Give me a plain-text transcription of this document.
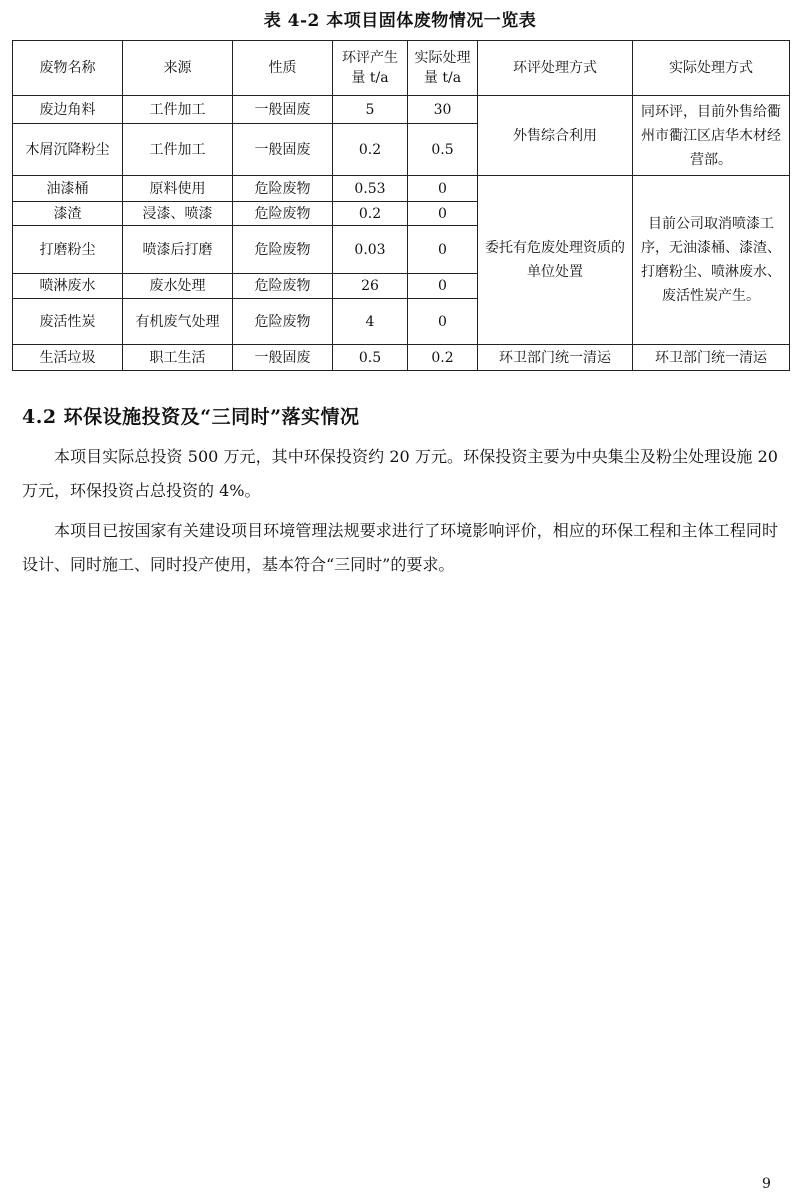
表 4-2 本项目固体废物情况一览表
废物名称	来源	性质	环评产生量 t/a	实际处理量 t/a	环评处理方式	实际处理方式
废边角料	工件加工	一般固废	5	30	外售综合利用	同环评，目前外售给衢州市衢江区店华木材经营部。
木屑沉降粉尘	工件加工	一般固废	0.2	0.5		
油漆桶	原料使用	危险废物	0.53	0	委托有危废处理资质的单位处置	目前公司取消喷漆工序，无油漆桶、漆渣、打磨粉尘、喷淋废水、废活性炭产生。
漆渣	浸漆、喷漆	危险废物	0.2	0		
打磨粉尘	喷漆后打磨	危险废物	0.03	0		
喷淋废水	废水处理	危险废物	26	0		
废活性炭	有机废气处理	危险废物	4	0		
生活垃圾	职工生活	一般固废	0.5	0.2	环卫部门统一清运	环卫部门统一清运
4.2 环保设施投资及“三同时”落实情况

本项目实际总投资 500 万元，其中环保投资约 20 万元。环保投资主要为中央集尘及粉尘处理设施 20 万元，环保投资占总投资的 4%。

本项目已按国家有关建设项目环境管理法规要求进行了环境影响评价，相应的环保工程和主体工程同时设计、同时施工、同时投产使用，基本符合“三同时”的要求。

9
